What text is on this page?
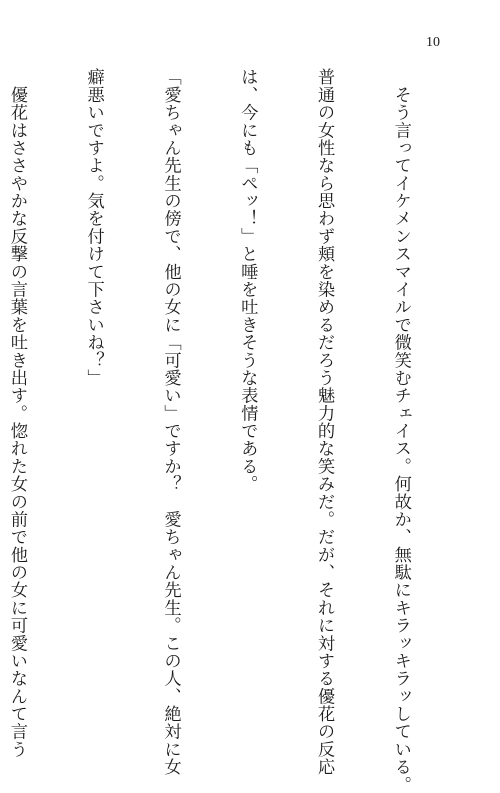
10

　そう言ってイケメンスマイルで微笑むチェイス。何故か、無駄にキラッキラッしている。

普通の女性なら思わず頬を染めるだろう魅力的な笑みだ。だが、それに対する優花の反応

は、今にも「ペッ！」と唾を吐きそうな表情である。

「愛ちゃん先生の傍で、他の女に「可愛い」ですか？　愛ちゃん先生。この人、絶対に女

癖悪いですよ。気を付けて下さいね？」

　優花はささやかな反撃の言葉を吐き出す。惚れた女の前で他の女に可愛いなんて言う
